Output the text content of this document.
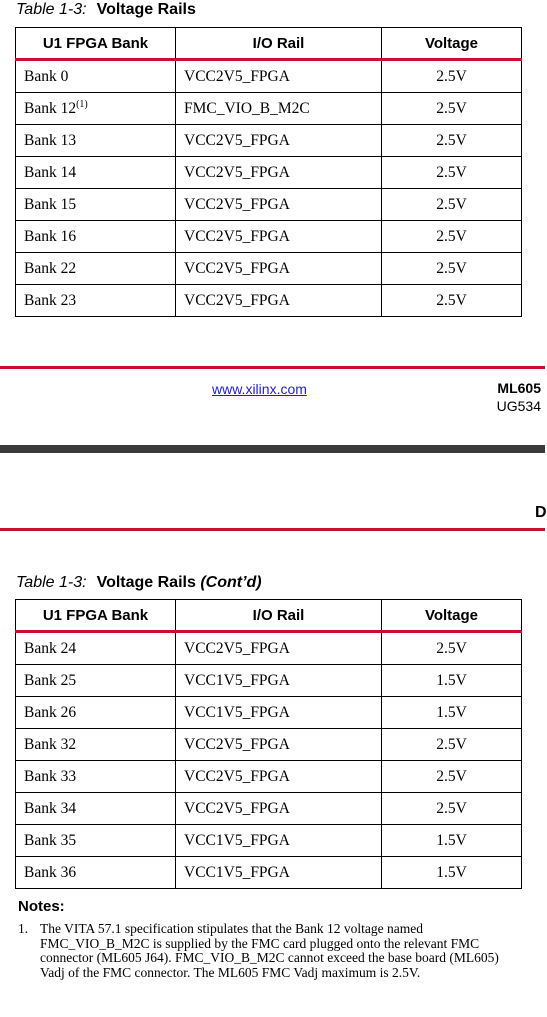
Table 1-3: Voltage Rails
U1 FPGA Bank	I/O Rail	Voltage
Bank 0	VCC2V5_FPGA	2.5V
Bank 12$^{(1)}$	FMC_VIO_B_M2C	2.5V
Bank 13	VCC2V5_FPGA	2.5V
Bank 14	VCC2V5_FPGA	2.5V
Bank 15	VCC2V5_FPGA	2.5V
Bank 16	VCC2V5_FPGA	2.5V
Bank 22	VCC2V5_FPGA	2.5V
Bank 23	VCC2V5_FPGA	2.5V
www.xilinx.com	ML605
UG534
D
Table 1-3: Voltage Rails (Cont’d)
U1 FPGA Bank	I/O Rail	Voltage
Bank 24	VCC2V5_FPGA	2.5V
Bank 25	VCC1V5_FPGA	1.5V
Bank 26	VCC1V5_FPGA	1.5V
Bank 32	VCC2V5_FPGA	2.5V
Bank 33	VCC2V5_FPGA	2.5V
Bank 34	VCC2V5_FPGA	2.5V
Bank 35	VCC1V5_FPGA	1.5V
Bank 36	VCC1V5_FPGA	1.5V
Notes:
1. The VITA 57.1 specification stipulates that the Bank 12 voltage named FMC_VIO_B_M2C is supplied by the FMC card plugged onto the relevant FMC connector (ML605 J64). FMC_VIO_B_M2C cannot exceed the base board (ML605) Vadj of the FMC connector. The ML605 FMC Vadj maximum is 2.5V.
